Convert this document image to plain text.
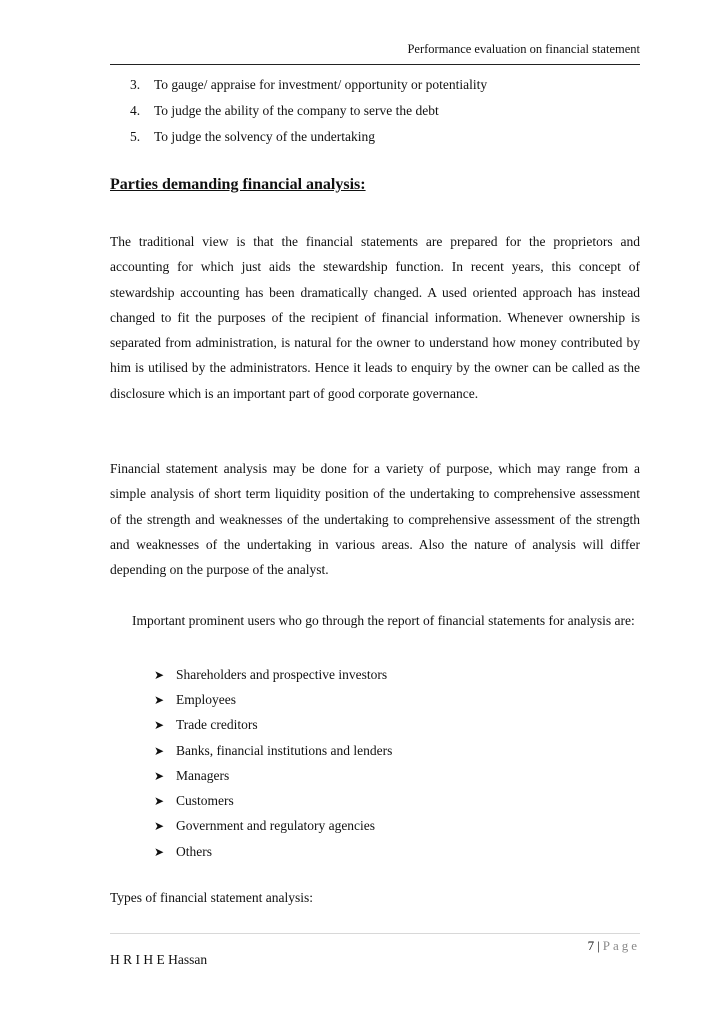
Performance evaluation on financial statement
3. To gauge/ appraise for investment/ opportunity or potentiality
4. To judge the ability of the company to serve the debt
5. To judge the solvency of the undertaking
Parties demanding financial analysis:

The traditional view is that the financial statements are prepared for the proprietors and accounting for which just aids the stewardship function. In recent years, this concept of stewardship accounting has been dramatically changed. A used oriented approach has instead changed to fit the purposes of the recipient of financial information. Whenever ownership is separated from administration, is natural for the owner to understand how money contributed by him is utilised by the administrators. Hence it leads to enquiry by the owner can be called as the disclosure which is an important part of good corporate governance.

Financial statement analysis may be done for a variety of purpose, which may range from a simple analysis of short term liquidity position of the undertaking to comprehensive assessment of the strength and weaknesses of the undertaking to comprehensive assessment of the strength and weaknesses of the undertaking in various areas. Also the nature of analysis will differ depending on the purpose of the analyst.

Important prominent users who go through the report of financial statements for analysis are:

➤ Shareholders and prospective investors
➤ Employees
➤ Trade creditors
➤ Banks, financial institutions and lenders
➤ Managers
➤ Customers
➤ Government and regulatory agencies
➤ Others

Types of financial statement analysis:

7 | Page
H R I H E Hassan
